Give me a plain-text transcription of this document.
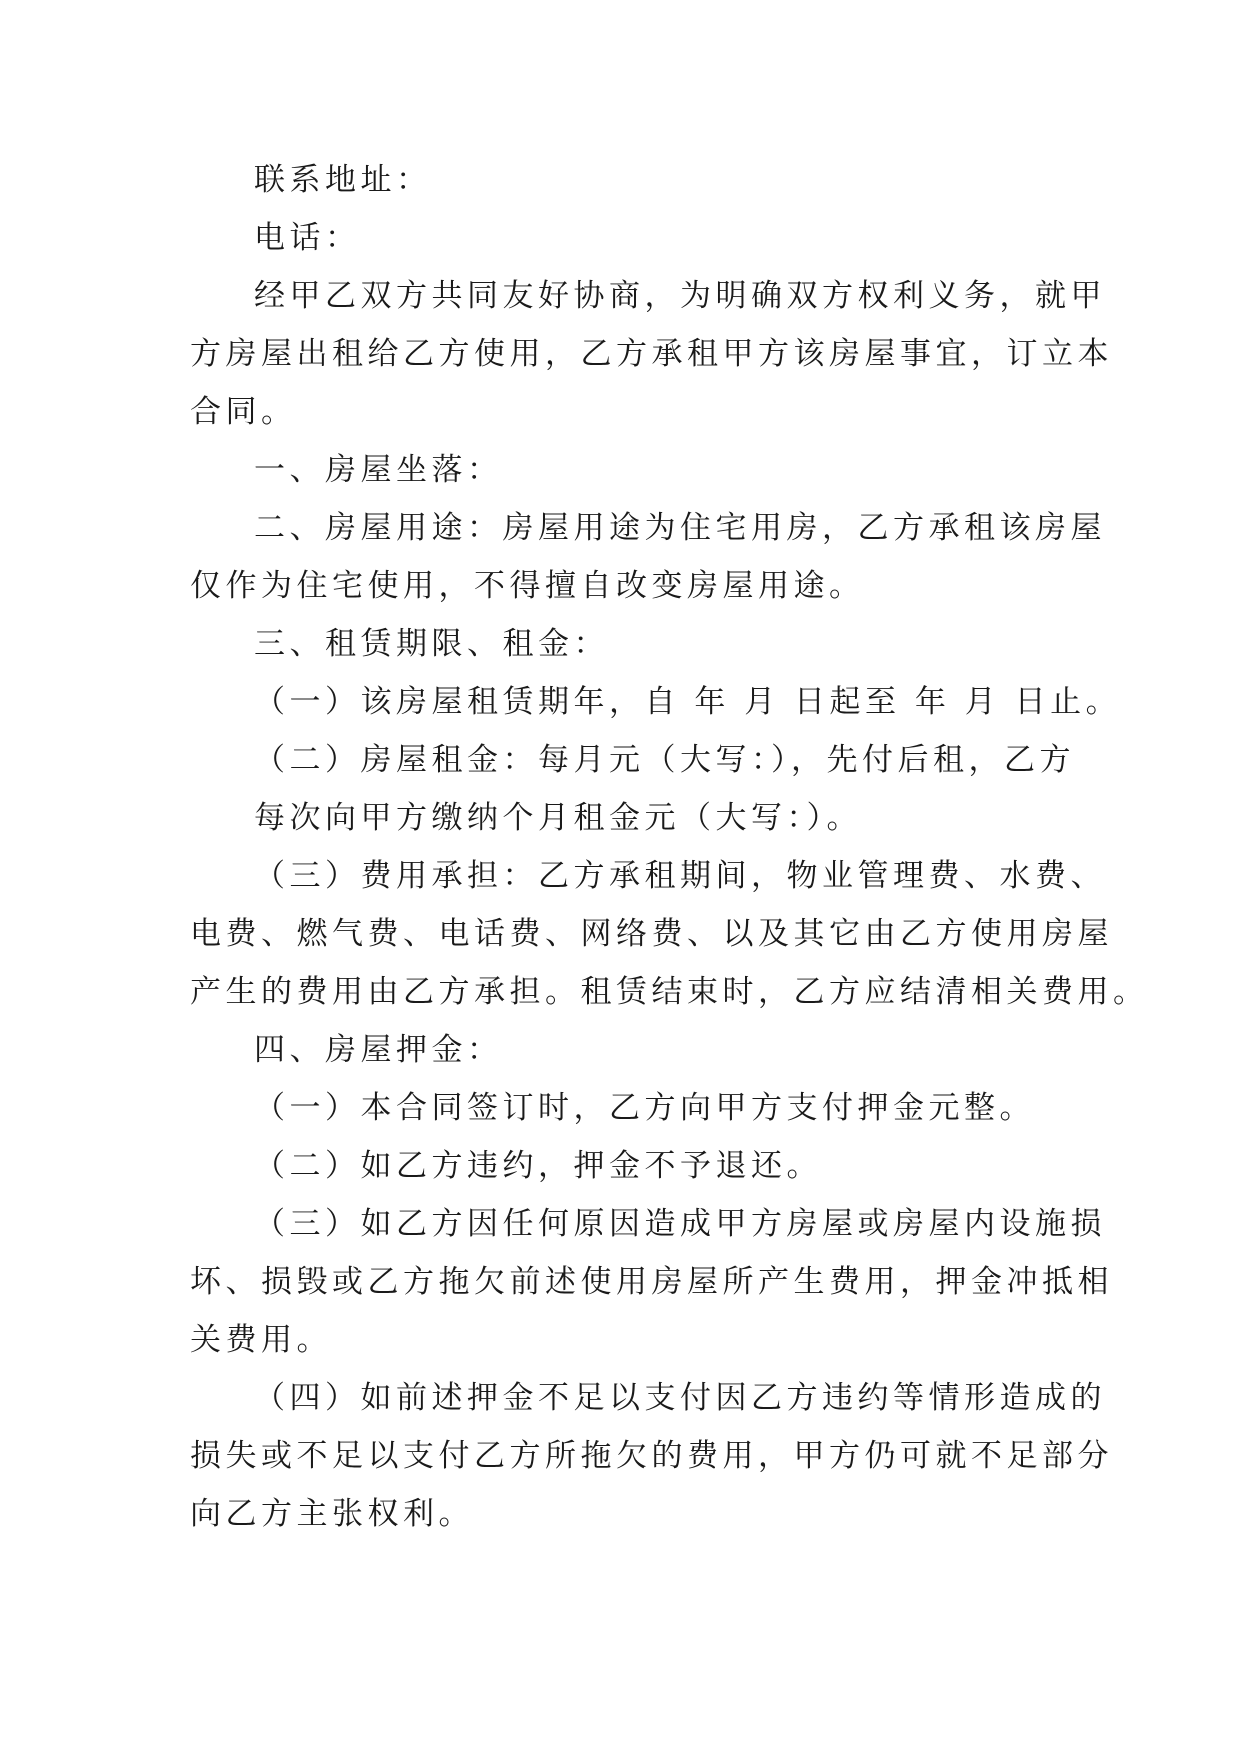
联系地址：
电话：
经甲乙双方共同友好协商，为明确双方权利义务，就甲
方房屋出租给乙方使用，乙方承租甲方该房屋事宜，订立本
合同。
一、房屋坐落：
二、房屋用途：房屋用途为住宅用房，乙方承租该房屋
仅作为住宅使用，不得擅自改变房屋用途。
三、租赁期限、租金：
（一）该房屋租赁期年，自 年 月 日起至 年 月 日止。
（二）房屋租金：每月元（大写：），先付后租，乙方
每次向甲方缴纳个月租金元（大写：）。
（三）费用承担：乙方承租期间，物业管理费、水费、
电费、燃气费、电话费、网络费、以及其它由乙方使用房屋
产生的费用由乙方承担。租赁结束时，乙方应结清相关费用。
四、房屋押金：
（一）本合同签订时，乙方向甲方支付押金元整。
（二）如乙方违约，押金不予退还。
（三）如乙方因任何原因造成甲方房屋或房屋内设施损
坏、损毁或乙方拖欠前述使用房屋所产生费用，押金冲抵相
关费用。
（四）如前述押金不足以支付因乙方违约等情形造成的
损失或不足以支付乙方所拖欠的费用，甲方仍可就不足部分
向乙方主张权利。
